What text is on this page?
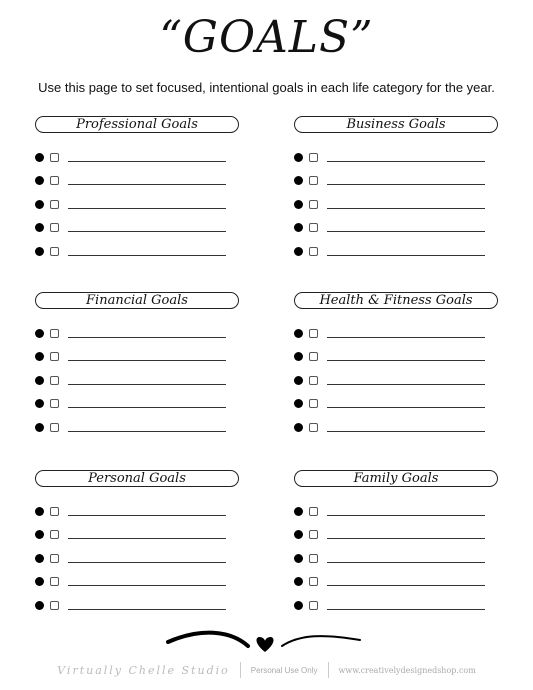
“GOALS”
Use this page to set focused, intentional goals in each life category for the year.
Professional Goals	Business Goals
Financial Goals	Health & Fitness Goals
Personal Goals	Family Goals
Virtually Chelle Studio	Personal Use Only	www.creativelydesignedshop.com
